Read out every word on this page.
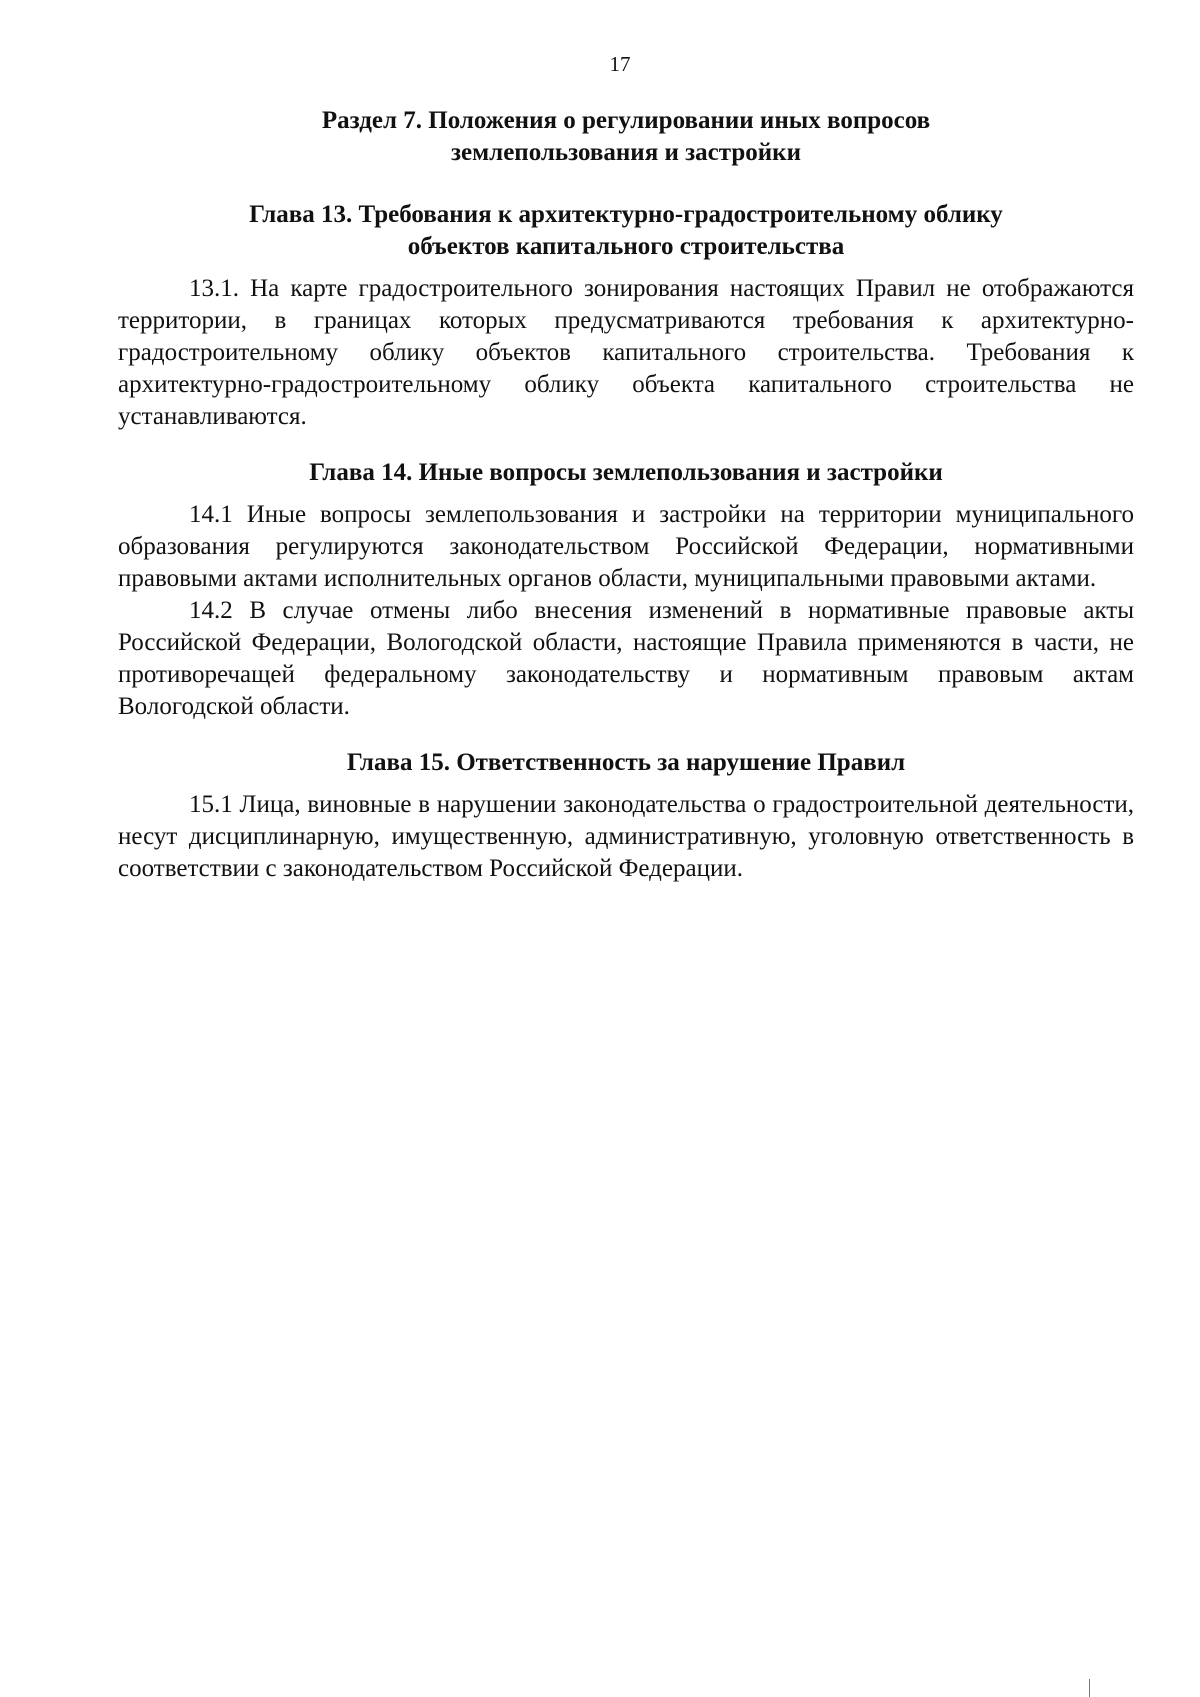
17
Раздел 7. Положения о регулировании иных вопросов
землепользования и застройки
Глава 13. Требования к архитектурно-градостроительному облику
объектов капитального строительства

13.1. На карте градостроительного зонирования настоящих Правил не отображаются территории, в границах которых предусматриваются требования к архитектурно-градостроительному облику объектов капитального строительства. Требования к архитектурно-градостроительному облику объекта капитального строительства не устанавливаются.

Глава 14. Иные вопросы землепользования и застройки

14.1 Иные вопросы землепользования и застройки на территории муниципального образования регулируются законодательством Российской Федерации, нормативными правовыми актами исполнительных органов области, муниципальными правовыми актами.

14.2 В случае отмены либо внесения изменений в нормативные правовые акты Российской Федерации, Вологодской области, настоящие Правила применяются в части, не противоречащей федеральному законодательству и нормативным правовым актам Вологодской области.

Глава 15. Ответственность за нарушение Правил

15.1 Лица, виновные в нарушении законодательства о градостроительной деятельности, несут дисциплинарную, имущественную, административную, уголовную ответственность в соответствии с законодательством Российской Федерации.
